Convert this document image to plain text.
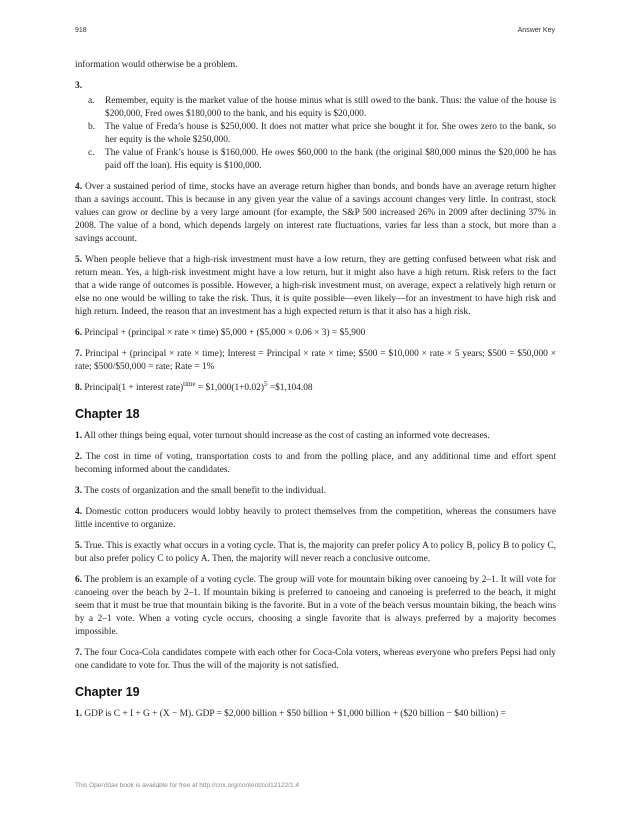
918	Answer Key

information would otherwise be a problem.

3.
a.	Remember, equity is the market value of the house minus what is still owed to the bank. Thus: the value of the house is $200,000, Fred owes $180,000 to the bank, and his equity is $20,000.
b.	The value of Freda’s house is $250,000. It does not matter what price she bought it for. She owes zero to the bank, so her equity is the whole $250,000.
c.	The value of Frank’s house is $160,000. He owes $60,000 to the bank (the original $80,000 minus the $20,000 he has paid off the loan). His equity is $100,000.

4. Over a sustained period of time, stocks have an average return higher than bonds, and bonds have an average return higher than a savings account. This is because in any given year the value of a savings account changes very little. In contrast, stock values can grow or decline by a very large amount (for example, the S&P 500 increased 26% in 2009 after declining 37% in 2008. The value of a bond, which depends largely on interest rate fluctuations, varies far less than a stock, but more than a savings account.

5. When people believe that a high-risk investment must have a low return, they are getting confused between what risk and return mean. Yes, a high-risk investment might have a low return, but it might also have a high return. Risk refers to the fact that a wide range of outcomes is possible. However, a high-risk investment must, on average, expect a relatively high return or else no one would be willing to take the risk. Thus, it is quite possible—even likely—for an investment to have high risk and high return. Indeed, the reason that an investment has a high expected return is that it also has a high risk.

6. Principal + (principal × rate × time) $5,000 + ($5,000 × 0.06 × 3) = $5,900

7. Principal + (principal × rate × time); Interest = Principal × rate × time; $500 = $10,000 × rate × 5 years; $500 = $50,000 × rate; $500/$50,000 = rate; Rate = 1%

8. Principal(1 + interest rate)$^{time}$ = $\$1,000(1+0.02)^5$ =$1,104.08

Chapter 18

1. All other things being equal, voter turnout should increase as the cost of casting an informed vote decreases.

2. The cost in time of voting, transportation costs to and from the polling place, and any additional time and effort spent becoming informed about the candidates.

3. The costs of organization and the small benefit to the individual.

4. Domestic cotton producers would lobby heavily to protect themselves from the competition, whereas the consumers have little incentive to organize.

5. True. This is exactly what occurs in a voting cycle. That is, the majority can prefer policy A to policy B, policy B to policy C, but also prefer policy C to policy A. Then, the majority will never reach a conclusive outcome.

6. The problem is an example of a voting cycle. The group will vote for mountain biking over canoeing by 2–1. It will vote for canoeing over the beach by 2–1. If mountain biking is preferred to canoeing and canoeing is preferred to the beach, it might seem that it must be true that mountain biking is the favorite. But in a vote of the beach versus mountain biking, the beach wins by a 2–1 vote. When a voting cycle occurs, choosing a single favorite that is always preferred by a majority becomes impossible.

7. The four Coca-Cola candidates compete with each other for Coca-Cola voters, whereas everyone who prefers Pepsi had only one candidate to vote for. Thus the will of the majority is not satisfied.

Chapter 19

1. GDP is C + I + G + (X − M). GDP = $2,000 billion + $50 billion + $1,000 billion + ($20 billion − $40 billion) =

This OpenStax book is available for free at http://cnx.org/content/col12122/1.4
